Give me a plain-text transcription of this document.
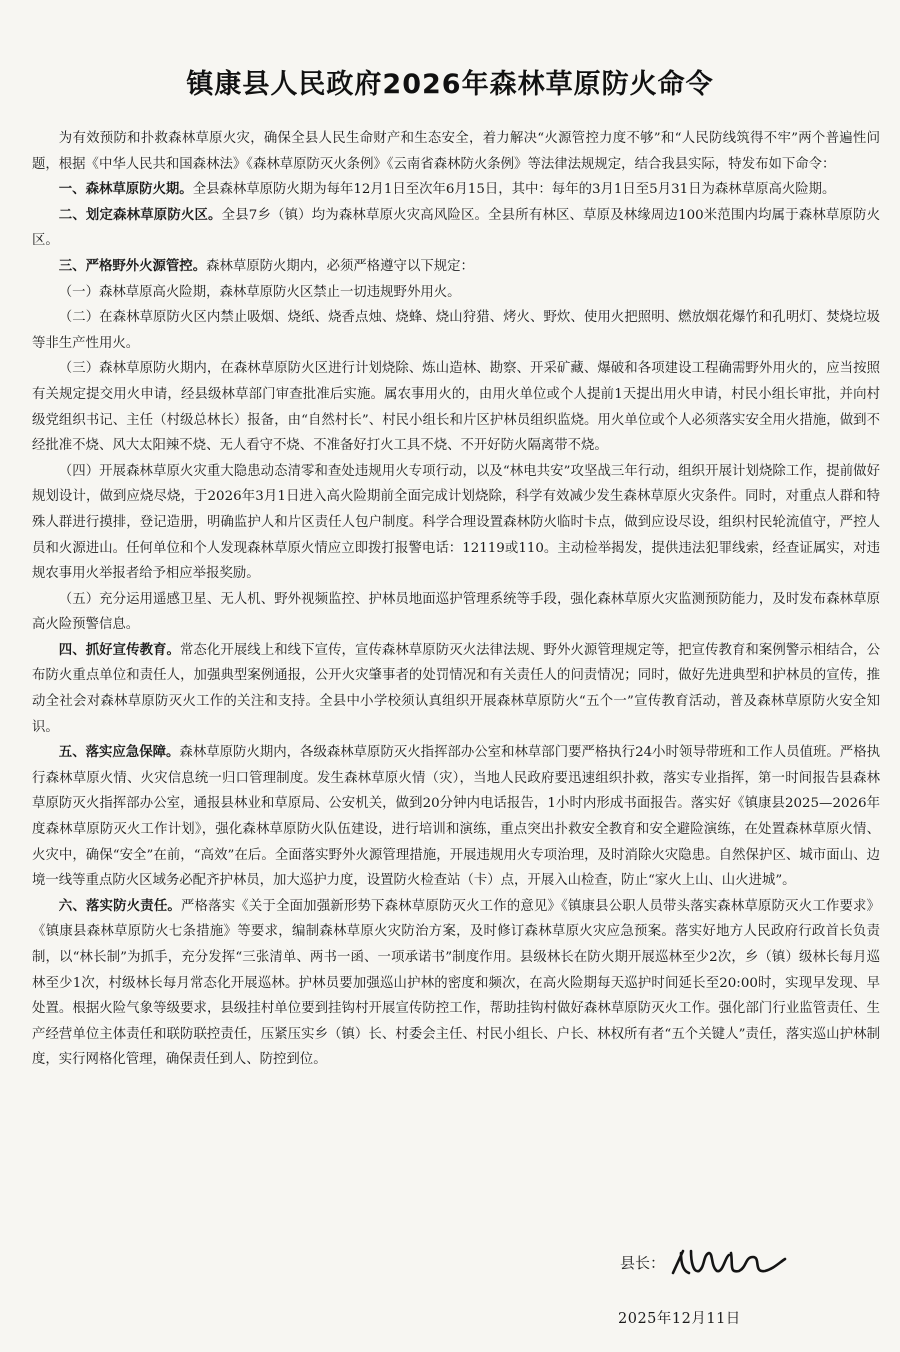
镇康县人民政府2026年森林草原防火命令

为有效预防和扑救森林草原火灾，确保全县人民生命财产和生态安全，着力解决“火源管控力度不够”和“人民防线筑得不牢”两个普遍性问题，根据《中华人民共和国森林法》《森林草原防灭火条例》《云南省森林防火条例》等法律法规规定，结合我县实际，特发布如下命令：

一、森林草原防火期。全县森林草原防火期为每年12月1日至次年6月15日，其中：每年的3月1日至5月31日为森林草原高火险期。

二、划定森林草原防火区。全县7乡（镇）均为森林草原火灾高风险区。全县所有林区、草原及林缘周边100米范围内均属于森林草原防火区。

三、严格野外火源管控。森林草原防火期内，必须严格遵守以下规定：

（一）森林草原高火险期，森林草原防火区禁止一切违规野外用火。

（二）在森林草原防火区内禁止吸烟、烧纸、烧香点烛、烧蜂、烧山狩猎、烤火、野炊、使用火把照明、燃放烟花爆竹和孔明灯、焚烧垃圾等非生产性用火。

（三）森林草原防火期内，在森林草原防火区进行计划烧除、炼山造林、勘察、开采矿藏、爆破和各项建设工程确需野外用火的，应当按照有关规定提交用火申请，经县级林草部门审查批准后实施。属农事用火的，由用火单位或个人提前1天提出用火申请，村民小组长审批，并向村级党组织书记、主任（村级总林长）报备，由“自然村长”、村民小组长和片区护林员组织监烧。用火单位或个人必须落实安全用火措施，做到不经批准不烧、风大太阳辣不烧、无人看守不烧、不准备好打火工具不烧、不开好防火隔离带不烧。

（四）开展森林草原火灾重大隐患动态清零和查处违规用火专项行动，以及“林电共安”攻坚战三年行动，组织开展计划烧除工作，提前做好规划设计，做到应烧尽烧，于2026年3月1日进入高火险期前全面完成计划烧除，科学有效减少发生森林草原火灾条件。同时，对重点人群和特殊人群进行摸排，登记造册，明确监护人和片区责任人包户制度。科学合理设置森林防火临时卡点，做到应设尽设，组织村民轮流值守，严控人员和火源进山。任何单位和个人发现森林草原火情应立即拨打报警电话：12119或110。主动检举揭发，提供违法犯罪线索，经查证属实，对违规农事用火举报者给予相应举报奖励。

（五）充分运用遥感卫星、无人机、野外视频监控、护林员地面巡护管理系统等手段，强化森林草原火灾监测预防能力，及时发布森林草原高火险预警信息。

四、抓好宣传教育。常态化开展线上和线下宣传，宣传森林草原防灭火法律法规、野外火源管理规定等，把宣传教育和案例警示相结合，公布防火重点单位和责任人，加强典型案例通报，公开火灾肇事者的处罚情况和有关责任人的问责情况；同时，做好先进典型和护林员的宣传，推动全社会对森林草原防灭火工作的关注和支持。全县中小学校须认真组织开展森林草原防火“五个一”宣传教育活动，普及森林草原防火安全知识。

五、落实应急保障。森林草原防火期内，各级森林草原防灭火指挥部办公室和林草部门要严格执行24小时领导带班和工作人员值班。严格执行森林草原火情、火灾信息统一归口管理制度。发生森林草原火情（灾），当地人民政府要迅速组织扑救，落实专业指挥，第一时间报告县森林草原防灭火指挥部办公室，通报县林业和草原局、公安机关，做到20分钟内电话报告，1小时内形成书面报告。落实好《镇康县2025—2026年度森林草原防灭火工作计划》，强化森林草原防火队伍建设，进行培训和演练，重点突出扑救安全教育和安全避险演练，在处置森林草原火情、火灾中，确保“安全”在前，“高效”在后。全面落实野外火源管理措施，开展违规用火专项治理，及时消除火灾隐患。自然保护区、城市面山、边境一线等重点防火区域务必配齐护林员，加大巡护力度，设置防火检查站（卡）点，开展入山检查，防止“家火上山、山火进城”。

六、落实防火责任。严格落实《关于全面加强新形势下森林草原防灭火工作的意见》《镇康县公职人员带头落实森林草原防灭火工作要求》《镇康县森林草原防火七条措施》等要求，编制森林草原火灾防治方案，及时修订森林草原火灾应急预案。落实好地方人民政府行政首长负责制，以“林长制”为抓手，充分发挥“三张清单、两书一函、一项承诺书”制度作用。县级林长在防火期开展巡林至少2次，乡（镇）级林长每月巡林至少1次，村级林长每月常态化开展巡林。护林员要加强巡山护林的密度和频次，在高火险期每天巡护时间延长至20:00时，实现早发现、早处置。根据火险气象等级要求，县级挂村单位要到挂钩村开展宣传防控工作，帮助挂钩村做好森林草原防灭火工作。强化部门行业监管责任、生产经营单位主体责任和联防联控责任，压紧压实乡（镇）长、村委会主任、村民小组长、户长、林权所有者“五个关键人”责任，落实巡山护林制度，实行网格化管理，确保责任到人、防控到位。

县长：
2025年12月11日
